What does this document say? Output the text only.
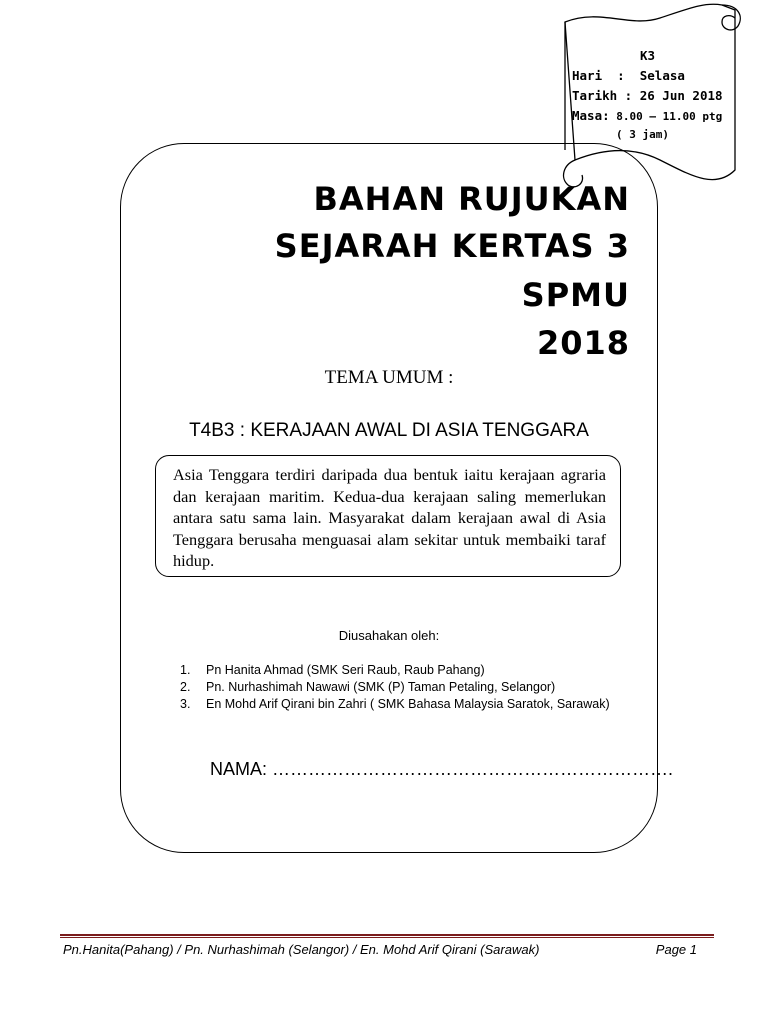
K3
Hari  :  Selasa
Tarikh : 26 Jun 2018
Masa: 8.00 – 11.00 ptg
( 3 jam)
BAHAN RUJUKAN
SEJARAH KERTAS 3
SPMU
2018
TEMA UMUM :
T4B3 : KERAJAAN AWAL DI ASIA TENGGARA
Asia Tenggara terdiri daripada dua bentuk iaitu kerajaan agraria dan kerajaan maritim. Kedua-dua kerajaan saling memerlukan antara satu sama lain. Masyarakat dalam kerajaan awal di Asia Tenggara berusaha menguasai alam sekitar untuk membaiki taraf hidup.
Diusahakan oleh:
1.	Pn Hanita Ahmad (SMK Seri Raub, Raub Pahang)
2.	Pn. Nurhashimah Nawawi (SMK (P) Taman Petaling, Selangor)
3.	En Mohd Arif Qirani bin Zahri ( SMK Bahasa Malaysia Saratok, Sarawak)
NAMA: ………………………………………………………….
Pn.Hanita(Pahang) / Pn. Nurhashimah (Selangor) / En. Mohd Arif Qirani (Sarawak)	Page 1
